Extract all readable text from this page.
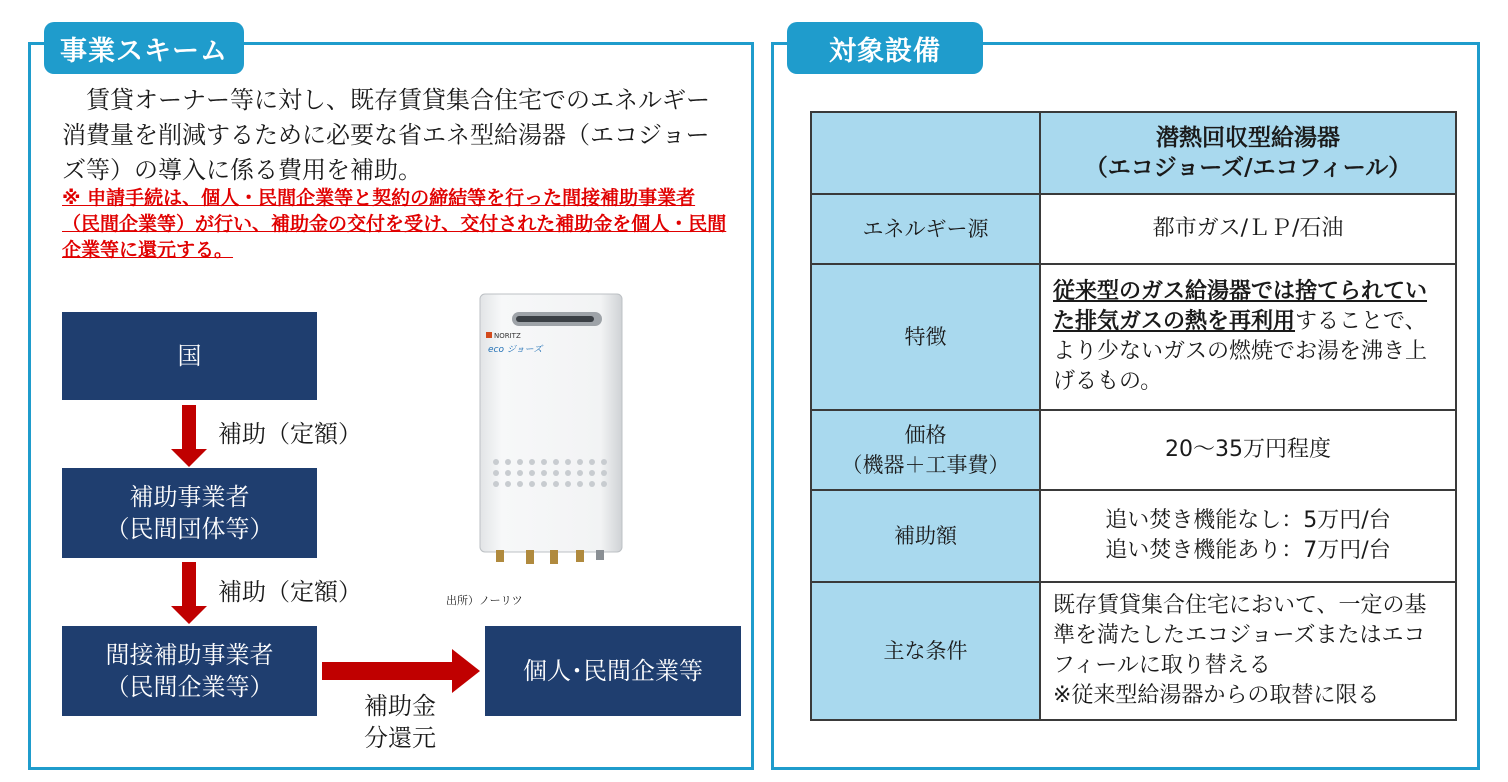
事業スキーム
　賃貸オーナー等に対し、既存賃貸集合住宅でのエネルギー消費量を削減するために必要な省エネ型給湯器（エコジョーズ等）の導入に係る費用を補助。
※ 申請手続は、個人・民間企業等と契約の締結等を行った間接補助事業者（民間企業等）が行い、補助金の交付を受け、交付された補助金を個人・民間企業等に還元する。
国
補助（定額）
補助事業者
（民間団体等）
補助（定額）
間接補助事業者
（民間企業等）
補助金
分還元
個人･民間企業等
NORITZ
eco ジョーズ
出所）ノーリツ
対象設備

	潜熱回収型給湯器
（エコジョーズ/エコフィール）

エネルギー源	都市ガス/ＬＰ/石油
特徴	従来型のガス給湯器では捨てられていた排気ガスの熱を再利用することで、より少ないガスの燃焼でお湯を沸き上げるもの。

価格
（機器＋工事費）	20～35万円程度
補助額	追い焚き機能なし：5万円/台
追い焚き機能あり：7万円/台

主な条件	既存賃貸集合住宅において、一定の基準を満たしたエコジョーズまたはエコフィールに取り替える
※従来型給湯器からの取替に限る
